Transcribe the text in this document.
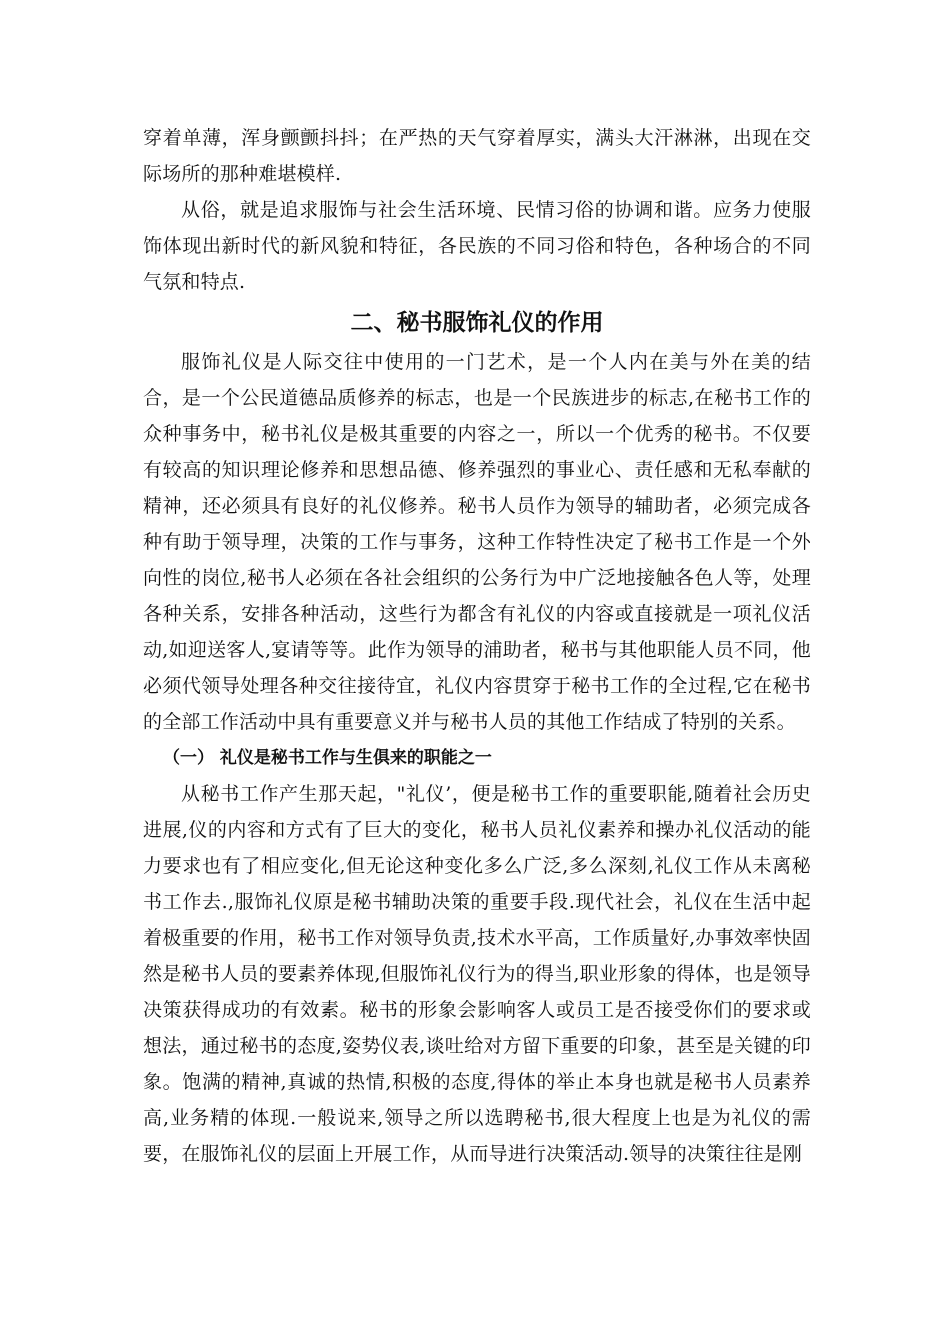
穿着单薄，浑身颤颤抖抖；在严热的天气穿着厚实，满头大汗淋淋，出现在交际场所的那种难堪模样.

从俗，就是追求服饰与社会生活环境、民情习俗的协调和谐。应务力使服饰体现出新时代的新风貌和特征，各民族的不同习俗和特色，各种场合的不同气氛和特点.

二、秘书服饰礼仪的作用

服饰礼仪是人际交往中使用的一门艺术，是一个人内在美与外在美的结合，是一个公民道德品质修养的标志，也是一个民族进步的标志,在秘书工作的众种事务中，秘书礼仪是极其重要的内容之一，所以一个优秀的秘书。不仅要有较高的知识理论修养和思想品德、修养强烈的事业心、责任感和无私奉献的精神，还必须具有良好的礼仪修养。秘书人员作为领导的辅助者，必须完成各种有助于领导理，决策的工作与事务，这种工作特性决定了秘书工作是一个外向性的岗位,秘书人必须在各社会组织的公务行为中广泛地接触各色人等，处理各种关系，安排各种活动，这些行为都含有礼仪的内容或直接就是一项礼仪活动,如迎送客人,宴请等等。此作为领导的浦助者，秘书与其他职能人员不同，他必须代领导处理各种交往接待宜，礼仪内容贯穿于秘书工作的全过程,它在秘书的全部工作活动中具有重要意义并与秘书人员的其他工作结成了特别的关系。

（一） 礼仪是秘书工作与生俱来的职能之一

从秘书工作产生那天起，"礼仪’，便是秘书工作的重要职能,随着社会历史进展,仪的内容和方式有了巨大的变化，秘书人员礼仪素养和操办礼仪活动的能力要求也有了相应变化,但无论这种变化多么广泛,多么深刻,礼仪工作从未离秘书工作去.,服饰礼仪原是秘书辅助决策的重要手段.现代社会，礼仪在生活中起着极重要的作用，秘书工作对领导负责,技术水平高，工作质量好,办事效率快固然是秘书人员的要素养体现,但服饰礼仪行为的得当,职业形象的得体，也是领导决策获得成功的有效素。秘书的形象会影响客人或员工是否接受你们的要求或想法，通过秘书的态度,姿势仪表,谈吐给对方留下重要的印象，甚至是关键的印象。饱满的精神,真诚的热情,积极的态度,得体的举止本身也就是秘书人员素养高,业务精的体现.一般说来,领导之所以选聘秘书,很大程度上也是为礼仪的需要，在服饰礼仪的层面上开展工作，从而导进行决策活动.领导的决策往往是刚
